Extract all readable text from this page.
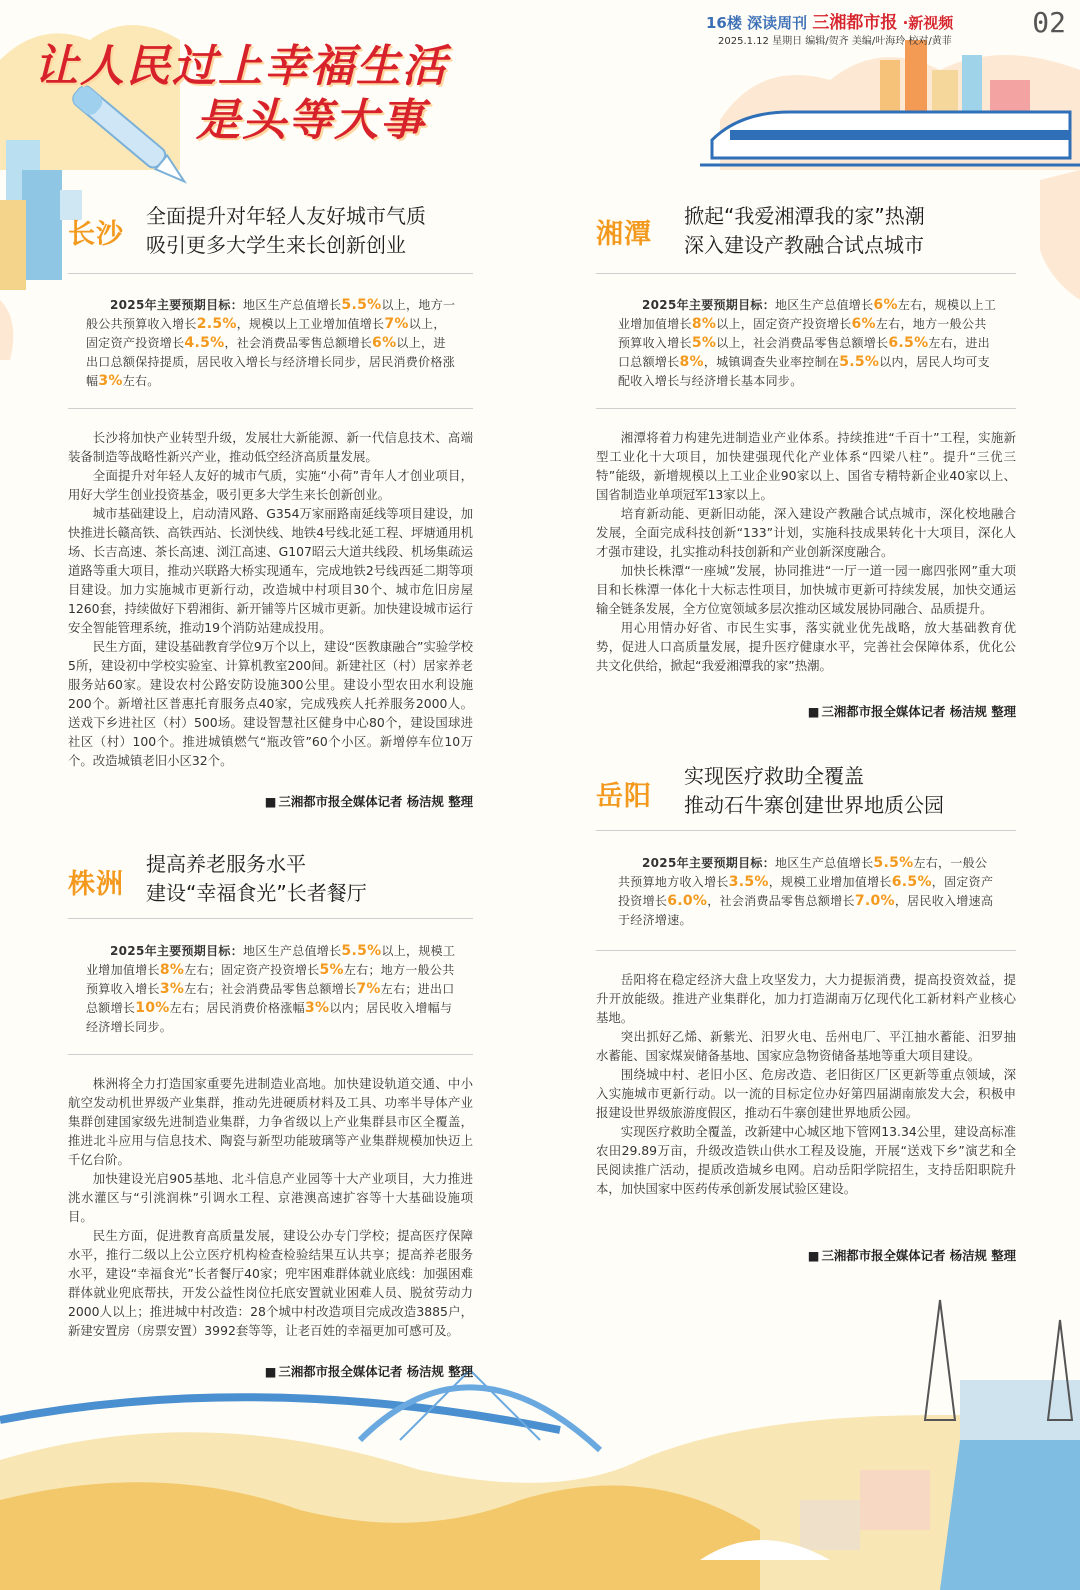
16楼 深读周刊 三湘都市报 ·新视频	02
2025.1.12 星期日 编辑/贺齐 美编/叶海玲 校对/黄菲
让人民过上幸福生活
是头等大事
长沙
全面提升对年轻人友好城市气质
吸引更多大学生来长创新创业
2025年主要预期目标：地区生产总值增长5.5%以上，地方一般公共预算收入增长2.5%，规模以上工业增加值增长7%以上，固定资产投资增长4.5%，社会消费品零售总额增长6%以上，进出口总额保持提质，居民收入增长与经济增长同步，居民消费价格涨幅3%左右。

长沙将加快产业转型升级，发展壮大新能源、新一代信息技术、高端装备制造等战略性新兴产业，推动低空经济高质量发展。

全面提升对年轻人友好的城市气质，实施“小荷”青年人才创业项目，用好大学生创业投资基金，吸引更多大学生来长创新创业。

城市基础建设上，启动清风路、G354万家丽路南延线等项目建设，加快推进长赣高铁、高铁西站、长浏快线、地铁4号线北延工程、坪塘通用机场、长吉高速、茶长高速、浏江高速、G107昭云大道共线段、机场集疏运道路等重大项目，推动兴联路大桥实现通车，完成地铁2号线西延二期等项目建设。加力实施城市更新行动，改造城中村项目30个、城市危旧房屋1260套，持续做好下碧湘街、新开铺等片区城市更新。加快建设城市运行安全智能管理系统，推动19个消防站建成投用。

民生方面，建设基础教育学位9万个以上，建设“医教康融合”实验学校5所，建设初中学校实验室、计算机教室200间。新建社区（村）居家养老服务站60家。建设农村公路安防设施300公里。建设小型农田水利设施200个。新增社区普惠托育服务点40家，完成残疾人托养服务2000人。送戏下乡进社区（村）500场。建设智慧社区健身中心80个，建设国球进社区（村）100个。推进城镇燃气“瓶改管”60个小区。新增停车位10万个。改造城镇老旧小区32个。

■ 三湘都市报全媒体记者 杨洁规 整理
株洲
提高养老服务水平
建设“幸福食光”长者餐厅
2025年主要预期目标：地区生产总值增长5.5%以上，规模工业增加值增长8%左右；固定资产投资增长5%左右；地方一般公共预算收入增长3%左右；社会消费品零售总额增长7%左右；进出口总额增长10%左右；居民消费价格涨幅3%以内；居民收入增幅与经济增长同步。

株洲将全力打造国家重要先进制造业高地。加快建设轨道交通、中小航空发动机世界级产业集群，推动先进硬质材料及工具、功率半导体产业集群创建国家级先进制造业集群，力争省级以上产业集群县市区全覆盖，推进北斗应用与信息技术、陶瓷与新型功能玻璃等产业集群规模加快迈上千亿台阶。

加快建设光启905基地、北斗信息产业园等十大产业项目，大力推进洮水灌区与“引洮润株”引调水工程、京港澳高速扩容等十大基础设施项目。

民生方面，促进教育高质量发展，建设公办专门学校；提高医疗保障水平，推行二级以上公立医疗机构检查检验结果互认共享；提高养老服务水平，建设“幸福食光”长者餐厅40家；兜牢困难群体就业底线：加强困难群体就业兜底帮扶，开发公益性岗位托底安置就业困难人员、脱贫劳动力2000人以上；推进城中村改造：28个城中村改造项目完成改造3885户，新建安置房（房票安置）3992套等等，让老百姓的幸福更加可感可及。

■ 三湘都市报全媒体记者 杨洁规 整理
湘潭
掀起“我爱湘潭我的家”热潮
深入建设产教融合试点城市
2025年主要预期目标：地区生产总值增长6%左右，规模以上工业增加值增长8%以上，固定资产投资增长6%左右，地方一般公共预算收入增长5%以上，社会消费品零售总额增长6.5%左右，进出口总额增长8%，城镇调查失业率控制在5.5%以内，居民人均可支配收入增长与经济增长基本同步。

湘潭将着力构建先进制造业产业体系。持续推进“千百十”工程，实施新型工业化十大项目，加快建强现代化产业体系“四梁八柱”。提升“三优三特”能级，新增规模以上工业企业90家以上、国省专精特新企业40家以上、国省制造业单项冠军13家以上。

培育新动能、更新旧动能，深入建设产教融合试点城市，深化校地融合发展，全面完成科技创新“133”计划，实施科技成果转化十大项目，深化人才强市建设，扎实推动科技创新和产业创新深度融合。

加快长株潭“一座城”发展，协同推进“一厅一道一园一廊四张网”重大项目和长株潭一体化十大标志性项目，加快城市更新可持续发展，加快交通运输全链条发展，全方位宽领域多层次推动区域发展协同融合、品质提升。

用心用情办好省、市民生实事，落实就业优先战略，放大基础教育优势，促进人口高质量发展，提升医疗健康水平，完善社会保障体系，优化公共文化供给，掀起“我爱湘潭我的家”热潮。

■ 三湘都市报全媒体记者 杨洁规 整理
岳阳
实现医疗救助全覆盖
推动石牛寨创建世界地质公园
2025年主要预期目标：地区生产总值增长5.5%左右，一般公共预算地方收入增长3.5%，规模工业增加值增长6.5%，固定资产投资增长6.0%，社会消费品零售总额增长7.0%，居民收入增速高于经济增速。

岳阳将在稳定经济大盘上攻坚发力，大力提振消费，提高投资效益，提升开放能级。推进产业集群化，加力打造湖南万亿现代化工新材料产业核心基地。

突出抓好乙烯、新紫光、汨罗火电、岳州电厂、平江抽水蓄能、汨罗抽水蓄能、国家煤炭储备基地、国家应急物资储备基地等重大项目建设。

围绕城中村、老旧小区、危房改造、老旧街区厂区更新等重点领域，深入实施城市更新行动。以一流的目标定位办好第四届湖南旅发大会，积极申报建设世界级旅游度假区，推动石牛寨创建世界地质公园。

实现医疗救助全覆盖，改新建中心城区地下管网13.34公里，建设高标准农田29.89万亩，升级改造铁山供水工程及设施，开展“送戏下乡”演艺和全民阅读推广活动，提质改造城乡电网。启动岳阳学院招生，支持岳阳职院升本，加快国家中医药传承创新发展试验区建设。

■ 三湘都市报全媒体记者 杨洁规 整理
